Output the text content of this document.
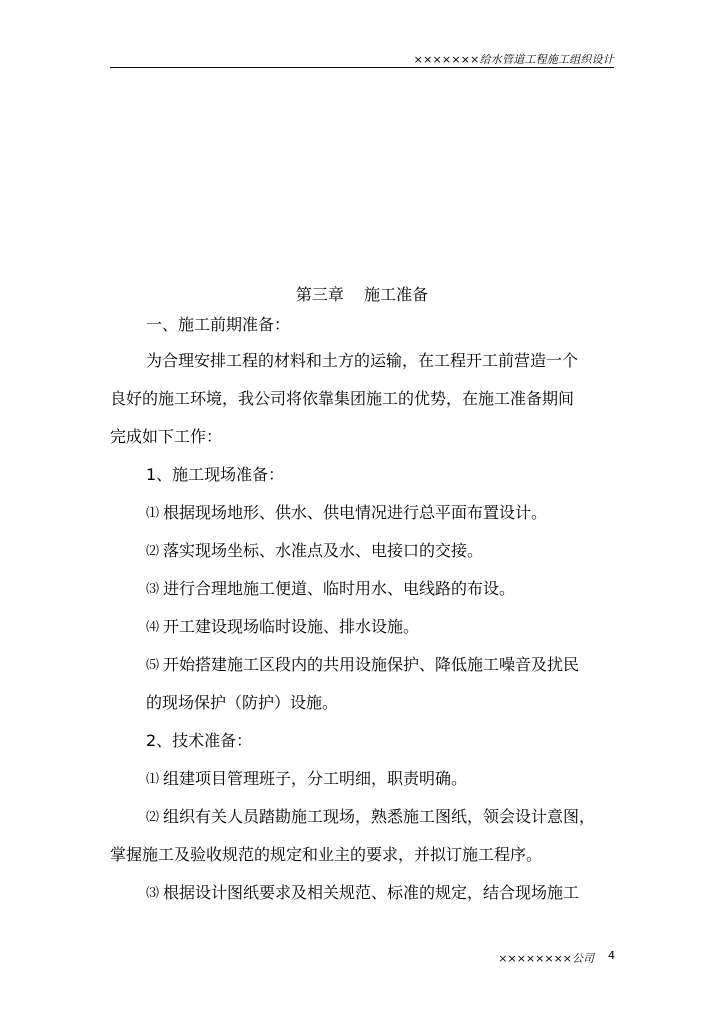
×××××××给水管道工程施工组织设计
第三章    施工准备
一、施工前期准备：
为合理安排工程的材料和土方的运输，在工程开工前营造一个
良好的施工环境，我公司将依靠集团施工的优势，在施工准备期间
完成如下工作：
1、施工现场准备：
⑴ 根据现场地形、供水、供电情况进行总平面布置设计。
⑵ 落实现场坐标、水准点及水、电接口的交接。
⑶ 进行合理地施工便道、临时用水、电线路的布设。
⑷ 开工建设现场临时设施、排水设施。
⑸ 开始搭建施工区段内的共用设施保护、降低施工噪音及扰民
的现场保护（防护）设施。
2、技术准备：
⑴ 组建项目管理班子，分工明细，职责明确。
⑵ 组织有关人员踏勘施工现场，熟悉施工图纸，领会设计意图，
掌握施工及验收规范的规定和业主的要求，并拟订施工程序。
⑶ 根据设计图纸要求及相关规范、标准的规定，结合现场施工
××××××××公司 4
